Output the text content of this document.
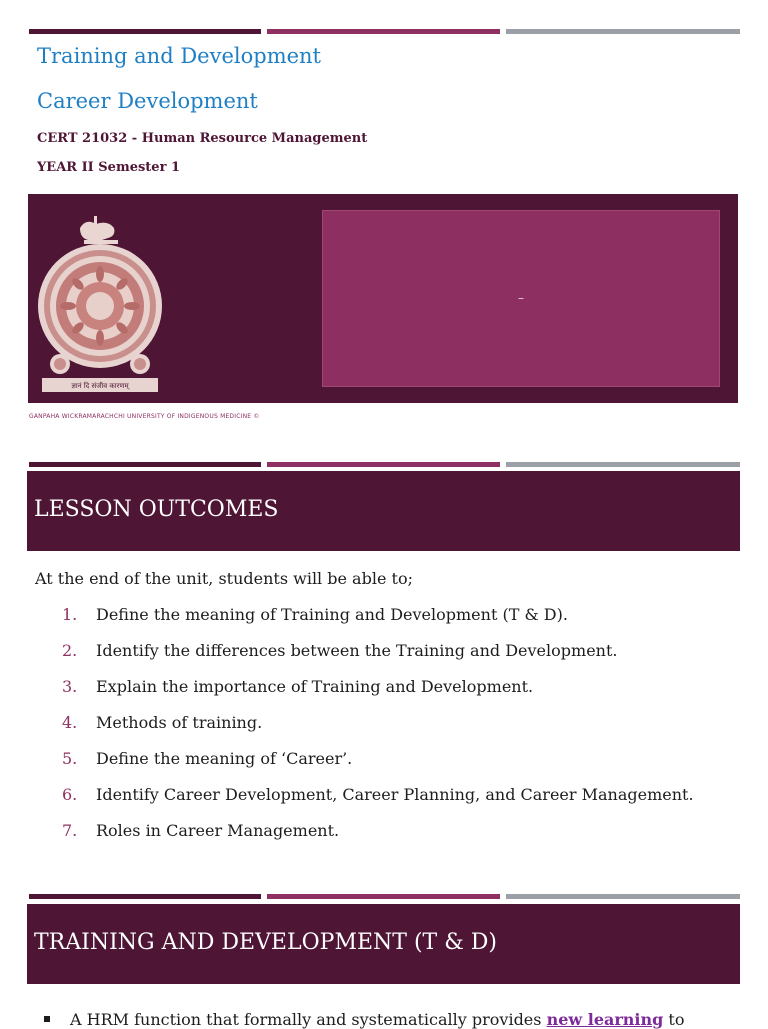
Training and Development
Career Development
CERT 21032 - Human Resource Management
YEAR II Semester 1
ज्ञानं दि संजीव कारणम्
–
GANPAHA WICKRAMARACHCHI UNIVERSITY OF INDIGENOUS MEDICINE ©
LESSON OUTCOMES
At the end of the unit, students will be able to;
1. Define the meaning of Training and Development (T & D).
2. Identify the differences between the Training and Development.
3. Explain the importance of Training and Development.
4. Methods of training.
5. Define the meaning of ‘Career’.
6. Identify Career Development, Career Planning, and Career Management.
7. Roles in Career Management.
TRAINING AND DEVELOPMENT (T & D)
A HRM function that formally and systematically provides new learning to
